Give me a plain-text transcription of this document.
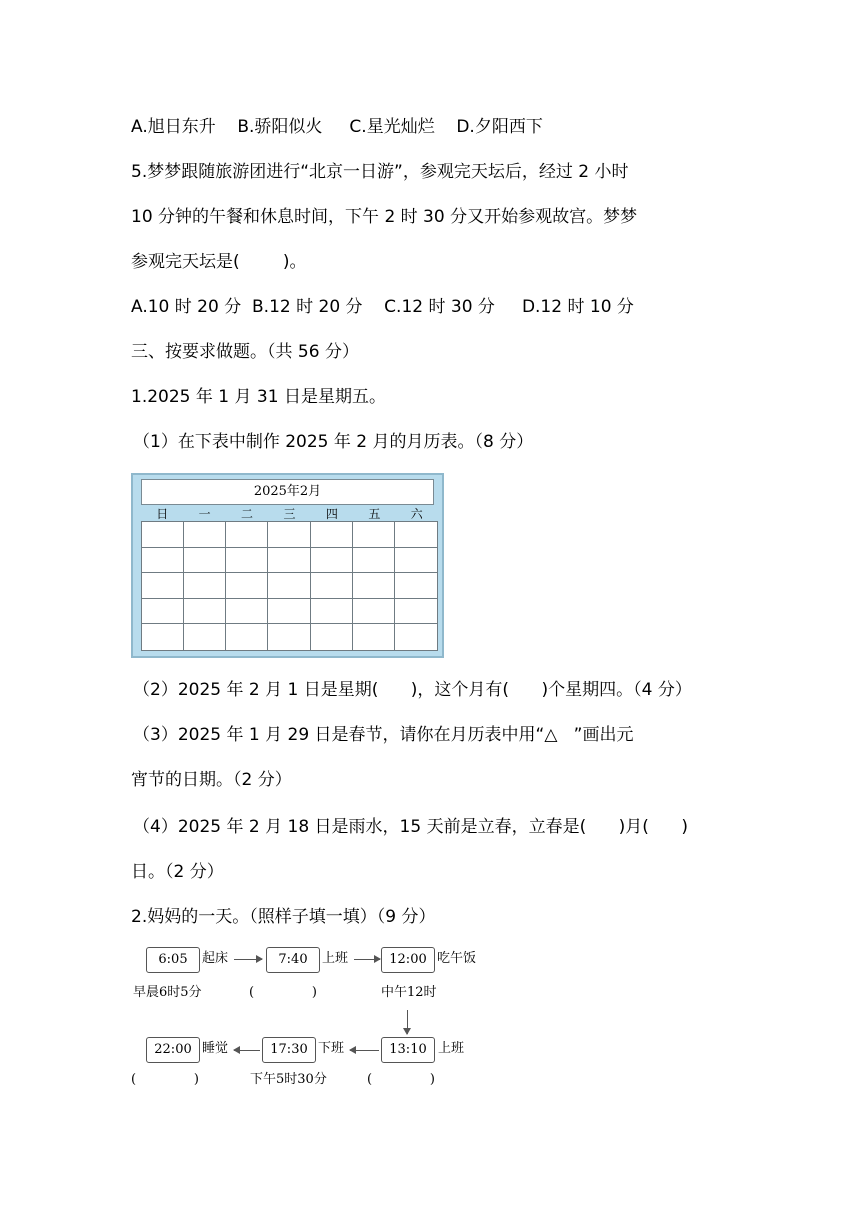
A.旭日东升    B.骄阳似火     C.星光灿烂    D.夕阳西下
5.梦梦跟随旅游团进行“北京一日游”，参观完天坛后，经过 2 小时
10 分钟的午餐和休息时间，下午 2 时 30 分又开始参观故宫。梦梦
参观完天坛是(        )。
A.10 时 20 分  B.12 时 20 分    C.12 时 30 分     D.12 时 10 分
三、按要求做题。（共 56 分）
1.2025 年 1 月 31 日是星期五。
（1）在下表中制作 2025 年 2 月的月历表。（8 分）
2025年2月
日	一	二	三	四	五	六
（2）2025 年 2 月 1 日是星期(      )，这个月有(      )个星期四。（4 分）
（3）2025 年 1 月 29 日是春节，请你在月历表中用“△   ”画出元
宵节的日期。（2 分）
（4）2025 年 2 月 18 日是雨水，15 天前是立春，立春是(      )月(      )
日。（2 分）
2.妈妈的一天。（照样子填一填）（9 分）
6:05	起床
早晨6时5分
7:40	上班
(              )
12:00 吃午饭
中午12时
13:10 上班
(              )
17:30 下班
下午5时30分
22:00 睡觉
(              )
